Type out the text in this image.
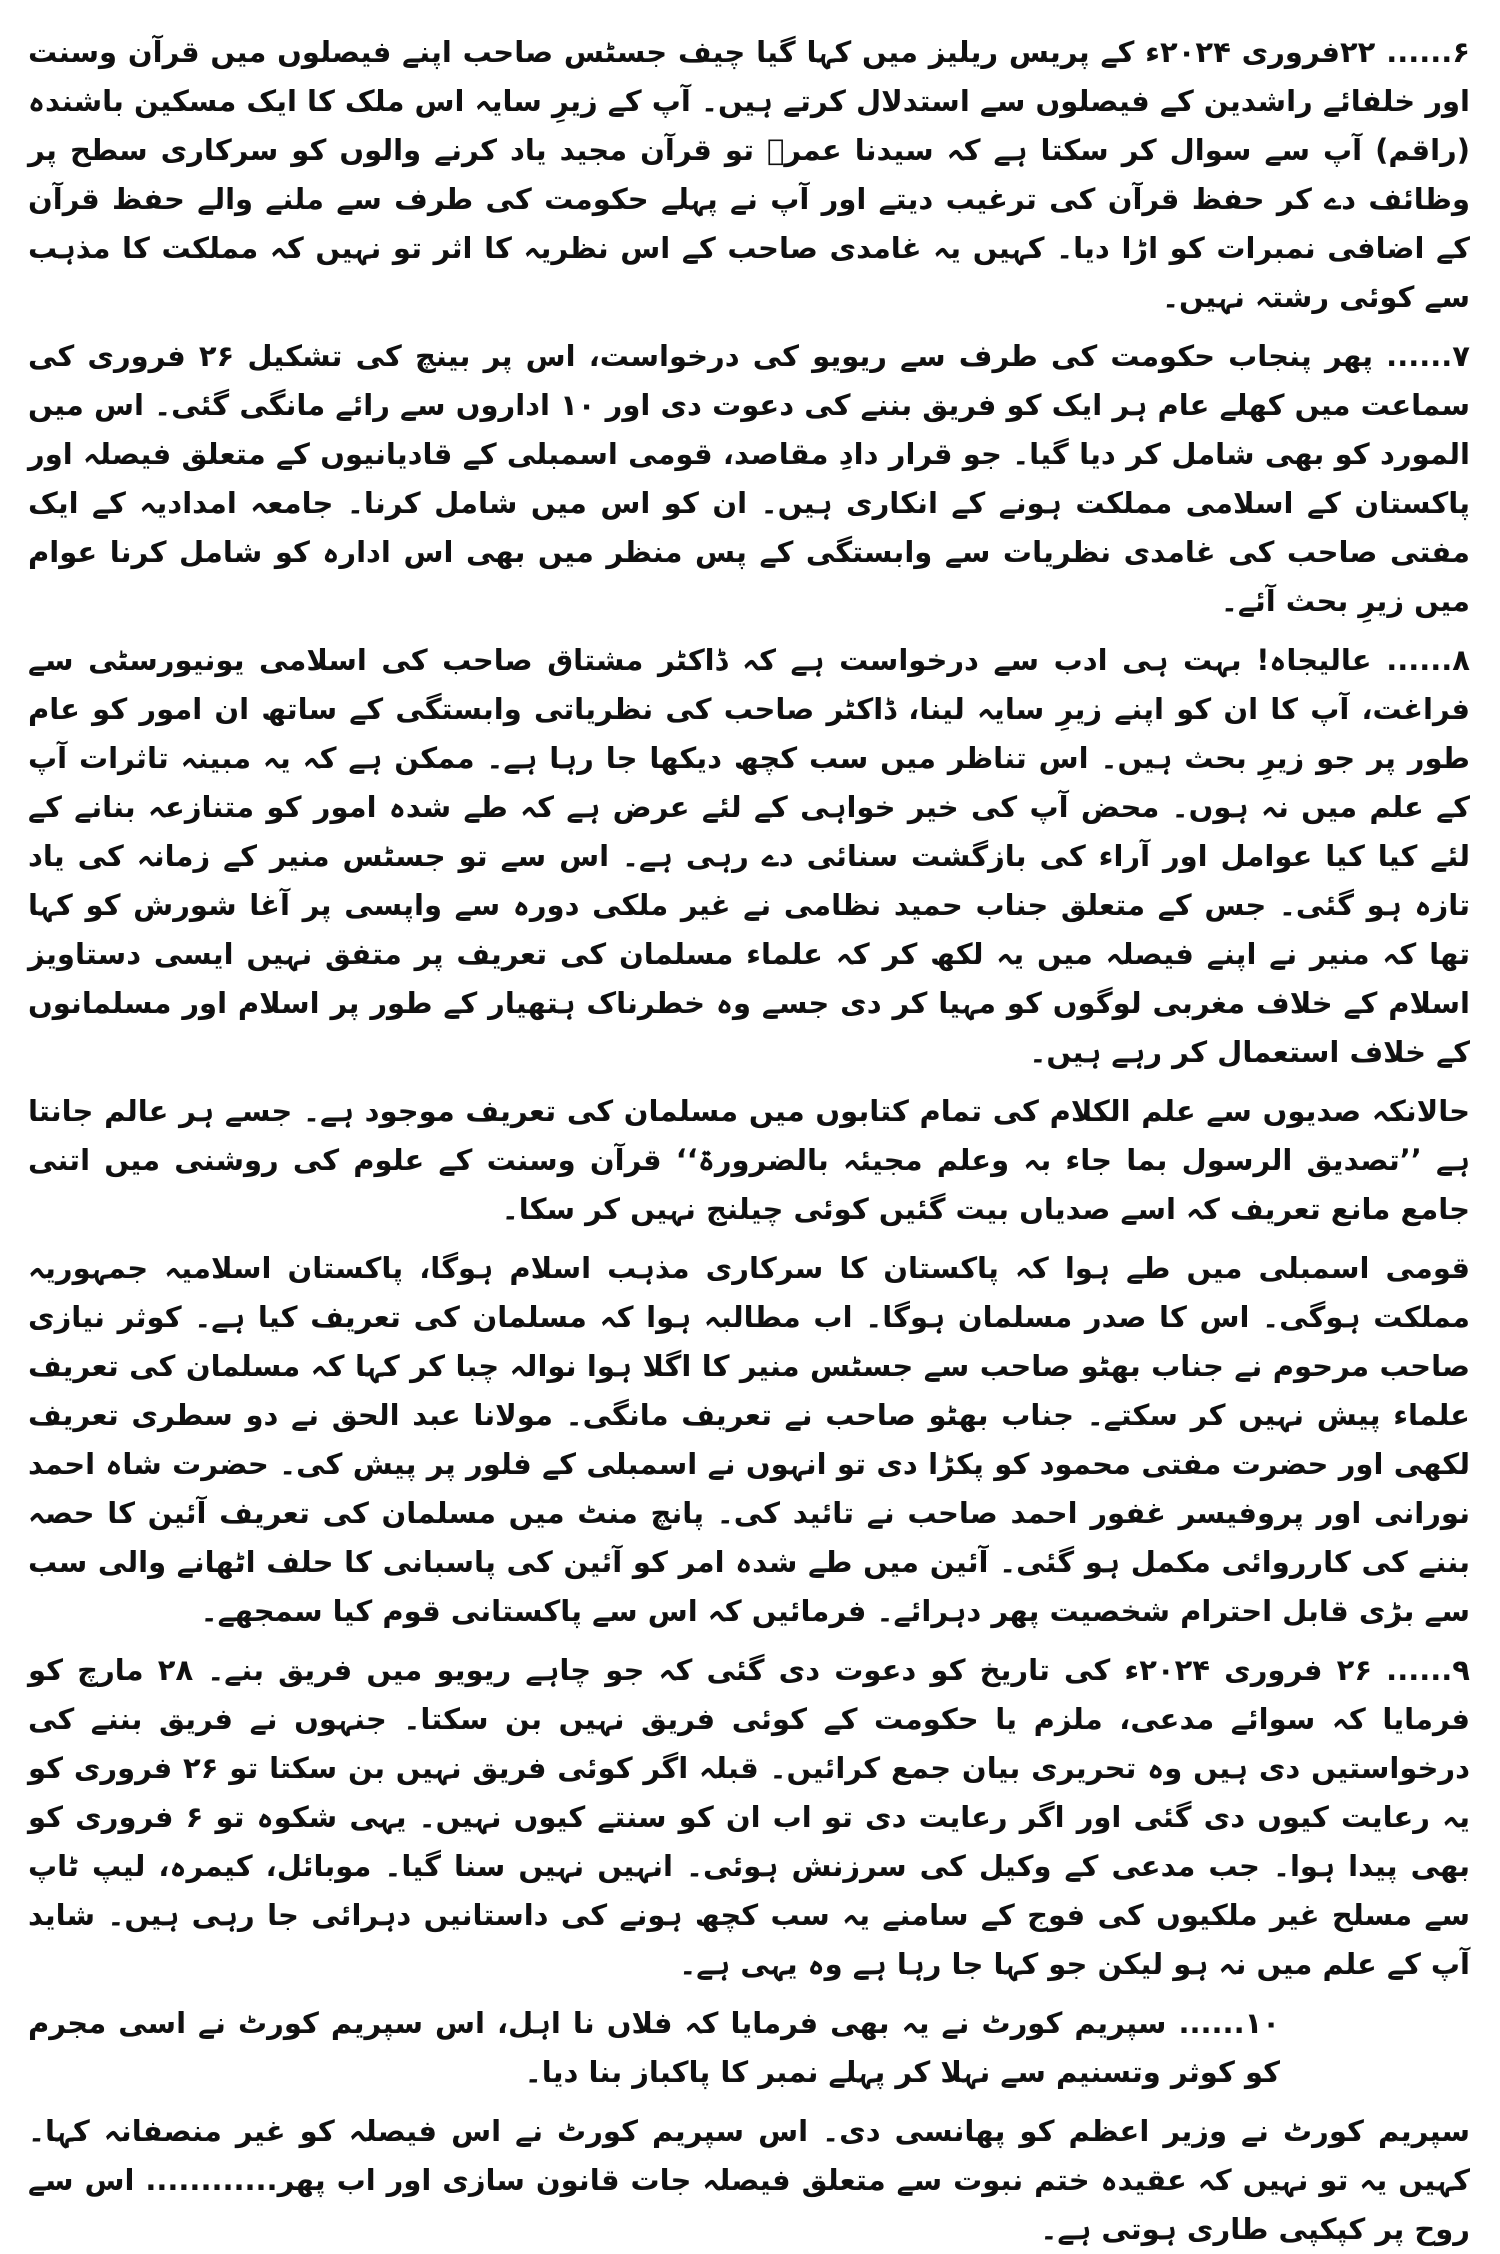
۶...... ۲۲فروری ۲۰۲۴ء کے پریس ریلیز میں کہا گیا چیف جسٹس صاحب اپنے فیصلوں میں قرآن وسنت اور خلفائے راشدین کے فیصلوں سے استدلال کرتے ہیں۔ آپ کے زیرِ سایہ اس ملک کا ایک مسکین باشندہ (راقم) آپ سے سوال کر سکتا ہے کہ سیدنا عمرؓ تو قرآن مجید یاد کرنے والوں کو سرکاری سطح پر وظائف دے کر حفظ قرآن کی ترغیب دیتے اور آپ نے پہلے حکومت کی طرف سے ملنے والے حفظ قرآن کے اضافی نمبرات کو اڑا دیا۔ کہیں یہ غامدی صاحب کے اس نظریہ کا اثر تو نہیں کہ مملکت کا مذہب سے کوئی رشتہ نہیں۔

۷...... پھر پنجاب حکومت کی طرف سے ریویو کی درخواست، اس پر بینچ کی تشکیل ۲۶ فروری کی سماعت میں کھلے عام ہر ایک کو فریق بننے کی دعوت دی اور ۱۰ اداروں سے رائے مانگی گئی۔ اس میں المورد کو بھی شامل کر دیا گیا۔ جو قرار دادِ مقاصد، قومی اسمبلی کے قادیانیوں کے متعلق فیصلہ اور پاکستان کے اسلامی مملکت ہونے کے انکاری ہیں۔ ان کو اس میں شامل کرنا۔ جامعہ امدادیہ کے ایک مفتی صاحب کی غامدی نظریات سے وابستگی کے پس منظر میں بھی اس ادارہ کو شامل کرنا عوام میں زیرِ بحث آئے۔

۸...... عالیجاہ! بہت ہی ادب سے درخواست ہے کہ ڈاکٹر مشتاق صاحب کی اسلامی یونیورسٹی سے فراغت، آپ کا ان کو اپنے زیرِ سایہ لینا، ڈاکٹر صاحب کی نظریاتی وابستگی کے ساتھ ان امور کو عام طور پر جو زیرِ بحث ہیں۔ اس تناظر میں سب کچھ دیکھا جا رہا ہے۔ ممکن ہے کہ یہ مبینہ تاثرات آپ کے علم میں نہ ہوں۔ محض آپ کی خیر خواہی کے لئے عرض ہے کہ طے شدہ امور کو متنازعہ بنانے کے لئے کیا کیا عوامل اور آراء کی بازگشت سنائی دے رہی ہے۔ اس سے تو جسٹس منیر کے زمانہ کی یاد تازہ ہو گئی۔ جس کے متعلق جناب حمید نظامی نے غیر ملکی دورہ سے واپسی پر آغا شورش کو کہا تھا کہ منیر نے اپنے فیصلہ میں یہ لکھ کر کہ علماء مسلمان کی تعریف پر متفق نہیں ایسی دستاویز اسلام کے خلاف مغربی لوگوں کو مہیا کر دی جسے وہ خطرناک ہتھیار کے طور پر اسلام اور مسلمانوں کے خلاف استعمال کر رہے ہیں۔

حالانکہ صدیوں سے علم الکلام کی تمام کتابوں میں مسلمان کی تعریف موجود ہے۔ جسے ہر عالم جانتا ہے ’’تصدیق الرسول بما جاء بہ وعلم مجیئہ بالضرورۃ‘‘ قرآن وسنت کے علوم کی روشنی میں اتنی جامع مانع تعریف کہ اسے صدیاں بیت گئیں کوئی چیلنج نہیں کر سکا۔

قومی اسمبلی میں طے ہوا کہ پاکستان کا سرکاری مذہب اسلام ہوگا، پاکستان اسلامیہ جمہوریہ مملکت ہوگی۔ اس کا صدر مسلمان ہوگا۔ اب مطالبہ ہوا کہ مسلمان کی تعریف کیا ہے۔ کوثر نیازی صاحب مرحوم نے جناب بھٹو صاحب سے جسٹس منیر کا اگلا ہوا نوالہ چبا کر کہا کہ مسلمان کی تعریف علماء پیش نہیں کر سکتے۔ جناب بھٹو صاحب نے تعریف مانگی۔ مولانا عبد الحق نے دو سطری تعریف لکھی اور حضرت مفتی محمود کو پکڑا دی تو انہوں نے اسمبلی کے فلور پر پیش کی۔ حضرت شاہ احمد نورانی اور پروفیسر غفور احمد صاحب نے تائید کی۔ پانچ منٹ میں مسلمان کی تعریف آئین کا حصہ بننے کی کارروائی مکمل ہو گئی۔ آئین میں طے شدہ امر کو آئین کی پاسبانی کا حلف اٹھانے والی سب سے بڑی قابل احترام شخصیت پھر دہرائے۔ فرمائیں کہ اس سے پاکستانی قوم کیا سمجھے۔

۹...... ۲۶ فروری ۲۰۲۴ء کی تاریخ کو دعوت دی گئی کہ جو چاہے ریویو میں فریق بنے۔ ۲۸ مارچ کو فرمایا کہ سوائے مدعی، ملزم یا حکومت کے کوئی فریق نہیں بن سکتا۔ جنہوں نے فریق بننے کی درخواستیں دی ہیں وہ تحریری بیان جمع کرائیں۔ قبلہ اگر کوئی فریق نہیں بن سکتا تو ۲۶ فروری کو یہ رعایت کیوں دی گئی اور اگر رعایت دی تو اب ان کو سنتے کیوں نہیں۔ یہی شکوہ تو ۶ فروری کو بھی پیدا ہوا۔ جب مدعی کے وکیل کی سرزنش ہوئی۔ انہیں نہیں سنا گیا۔ موبائل، کیمرہ، لیپ ٹاپ سے مسلح غیر ملکیوں کی فوج کے سامنے یہ سب کچھ ہونے کی داستانیں دہرائی جا رہی ہیں۔ شاید آپ کے علم میں نہ ہو لیکن جو کہا جا رہا ہے وہ یہی ہے۔

۱۰...... سپریم کورٹ نے یہ بھی فرمایا کہ فلاں نا اہل، اس سپریم کورٹ نے اسی مجرم کو کوثر وتسنیم سے نہلا کر پہلے نمبر کا پاکباز بنا دیا۔

سپریم کورٹ نے وزیر اعظم کو پھانسی دی۔ اس سپریم کورٹ نے اس فیصلہ کو غیر منصفانہ کہا۔ کہیں یہ تو نہیں کہ عقیدہ ختم نبوت سے متعلق فیصلہ جات قانون سازی اور اب پھر............ اس سے روح پر کپکپی طاری ہوتی ہے۔
